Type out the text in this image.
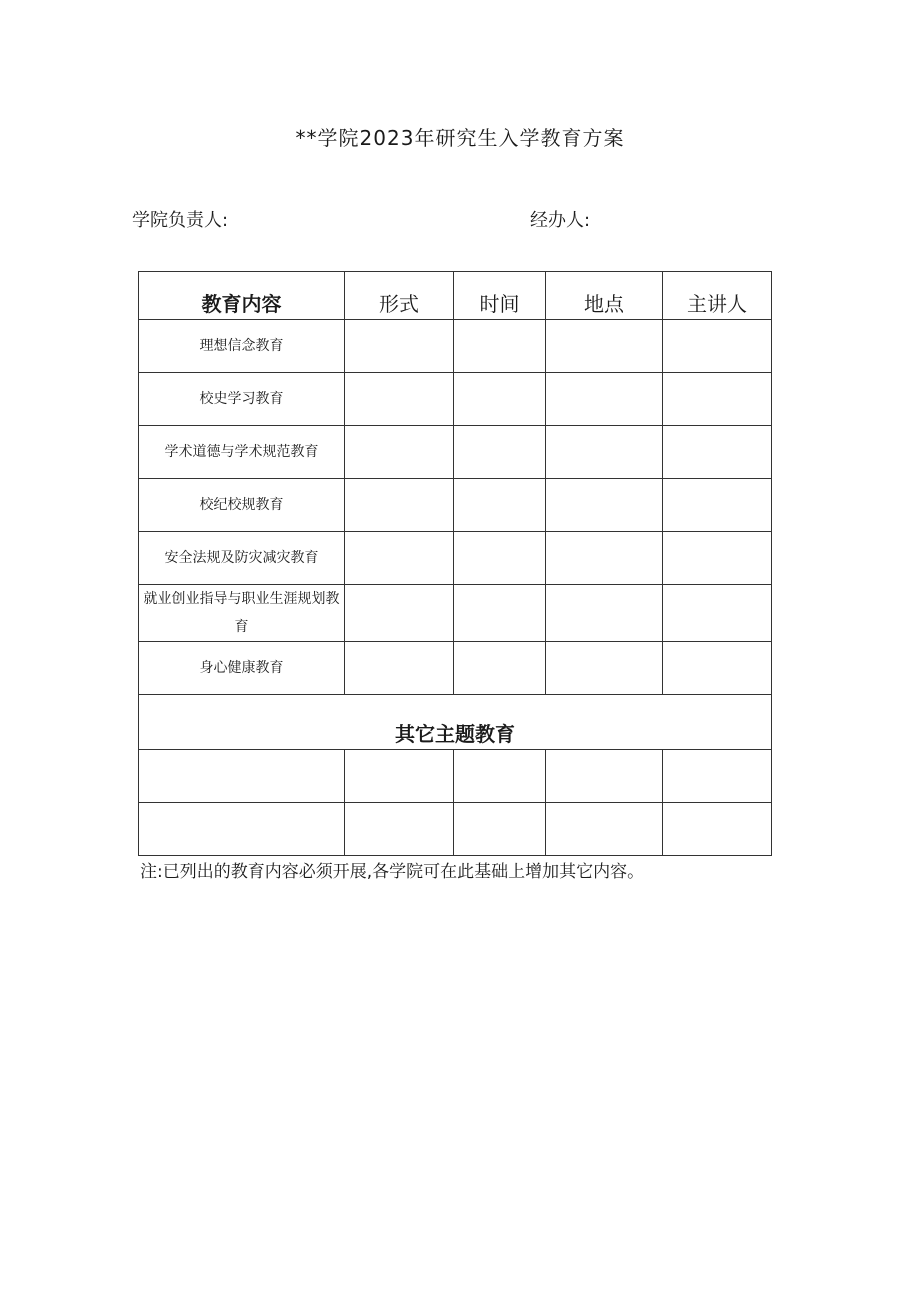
**学院2023年研究生入学教育方案
学院负责人:	经办人:
教育内容	形式	时间	地点	主讲人
理想信念教育				
校史学习教育				
学术道德与学术规范教育				
校纪校规教育				
安全法规及防灾减灾教育				
就业创业指导与职业生涯规划教育				
身心健康教育				
其它主题教育				

注:已列出的教育内容必须开展,各学院可在此基础上增加其它内容。
